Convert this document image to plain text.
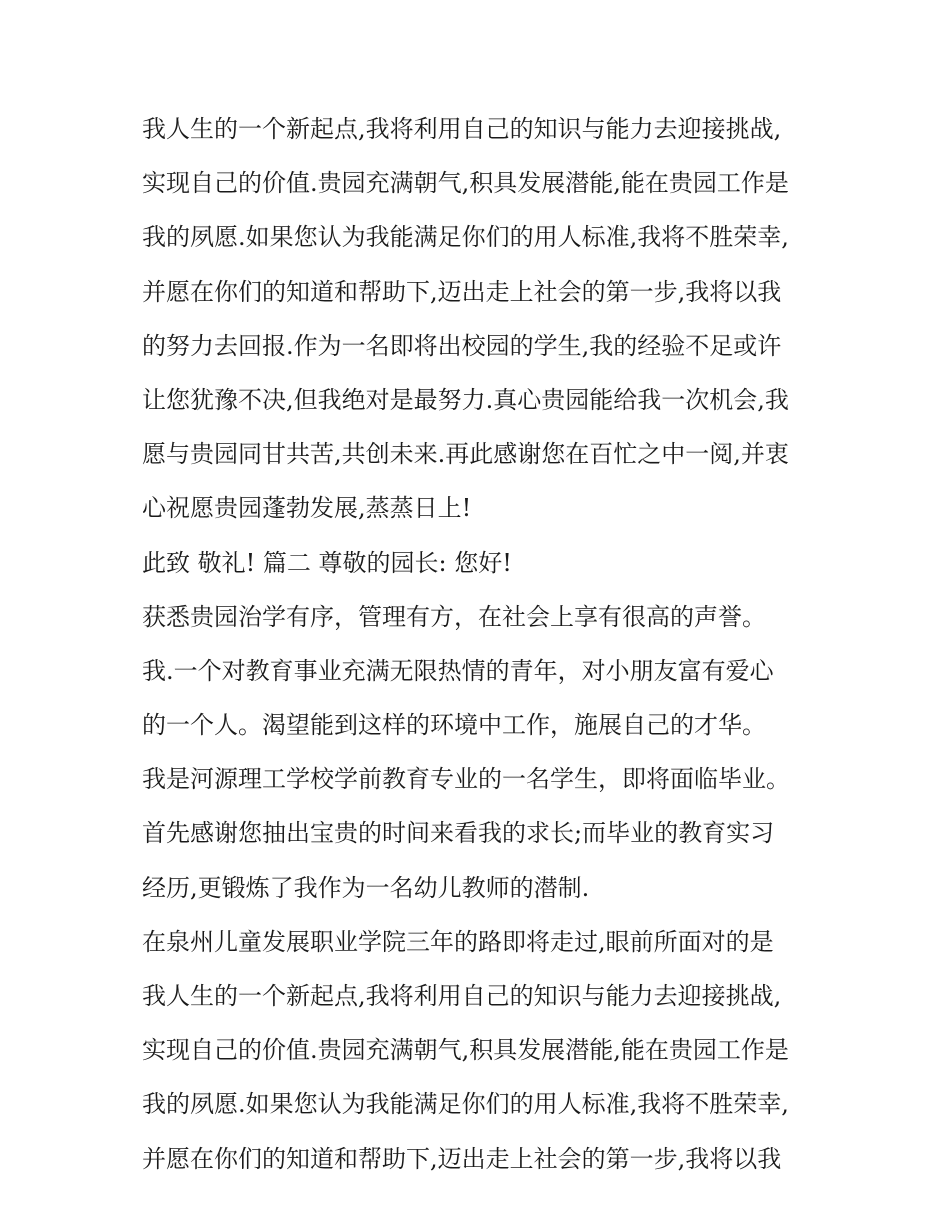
我人生的一个新起点,我将利用自己的知识与能力去迎接挑战,
实现自己的价值.贵园充满朝气,积具发展潜能,能在贵园工作是
我的夙愿.如果您认为我能满足你们的用人标准,我将不胜荣幸,
并愿在你们的知道和帮助下,迈出走上社会的第一步,我将以我
的努力去回报.作为一名即将出校园的学生,我的经验不足或许
让您犹豫不决,但我绝对是最努力.真心贵园能给我一次机会,我
愿与贵园同甘共苦,共创未来.再此感谢您在百忙之中一阅,并衷
心祝愿贵园蓬勃发展,蒸蒸日上!
此致 敬礼! 篇二 尊敬的园长: 您好!
获悉贵园治学有序，管理有方，在社会上享有很高的声誉。
我.一个对教育事业充满无限热情的青年，对小朋友富有爱心
的一个人。渴望能到这样的环境中工作，施展自己的才华。
我是河源理工学校学前教育专业的一名学生，即将面临毕业。
首先感谢您抽出宝贵的时间来看我的求长;而毕业的教育实习
经历,更锻炼了我作为一名幼儿教师的潜制.
在泉州儿童发展职业学院三年的路即将走过,眼前所面对的是
我人生的一个新起点,我将利用自己的知识与能力去迎接挑战,
实现自己的价值.贵园充满朝气,积具发展潜能,能在贵园工作是
我的夙愿.如果您认为我能满足你们的用人标准,我将不胜荣幸,
并愿在你们的知道和帮助下,迈出走上社会的第一步,我将以我
